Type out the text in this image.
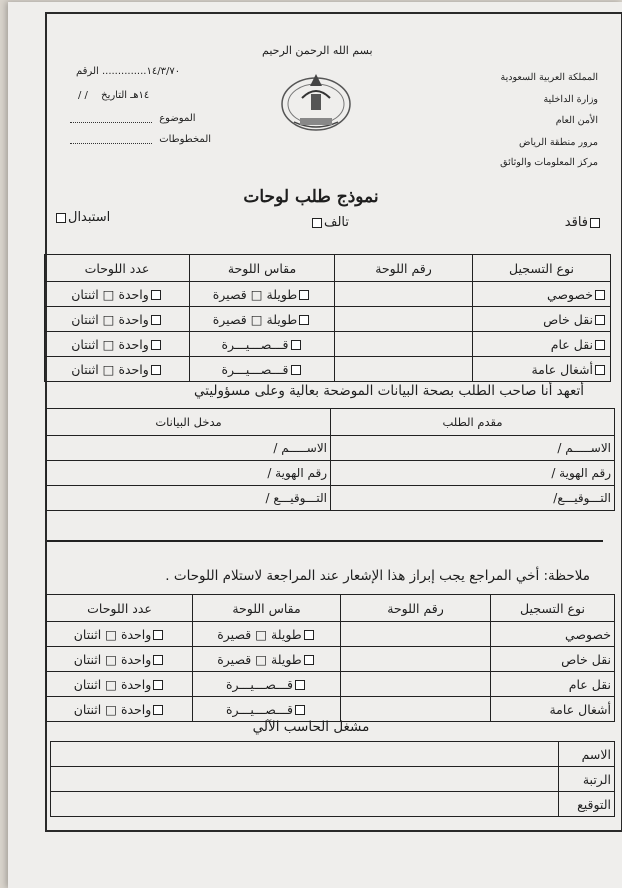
بسم الله الرحمن الرحيم
المملكة العربية السعودية
وزارة الداخلية
الأمن العام
مرور منطقة الرياض
مركز المعلومات والوثائق
١٤/٣/٧٠.............. الرقم
/ / ١٤هـ التاريخ
الموضوع
المخطوطات
نموذج طلب لوحات
فاقد
تالف
استبدال
نوع التسجيل	رقم اللوحة	مقاس اللوحة	عدد اللوحات
خصوصي		طويلة □ قصيرة	واحدة □ اثنتان
نقل خاص		طويلة □ قصيرة	واحدة □ اثنتان
نقل عام		قـــصـــيـــرة	واحدة □ اثنتان
أشغال عامة		قـــصـــيـــرة	واحدة □ اثنتان
أتعهد أنا صاحب الطلب بصحة البيانات الموضحة بعالية وعلى مسؤوليتي
مقدم الطلب	مدخل البيانات
الاســـــم /	الاســـــم /
رقم الهوية /	رقم الهوية /
التـــوقيـــع/	التـــوقيـــع /
ملاحظة: أخي المراجع يجب إبراز هذا الإشعار عند المراجعة لاستلام اللوحات .
نوع التسجيل	رقم اللوحة	مقاس اللوحة	عدد اللوحات
خصوصي		طويلة □ قصيرة	واحدة □ اثنتان
نقل خاص		طويلة □ قصيرة	واحدة □ اثنتان
نقل عام		قـــصـــيـــرة	واحدة □ اثنتان
أشغال عامة		قـــصـــيـــرة	واحدة □ اثنتان
مشغل الحاسب الآلي
الاسم	
الرتبة	
التوقيع	
